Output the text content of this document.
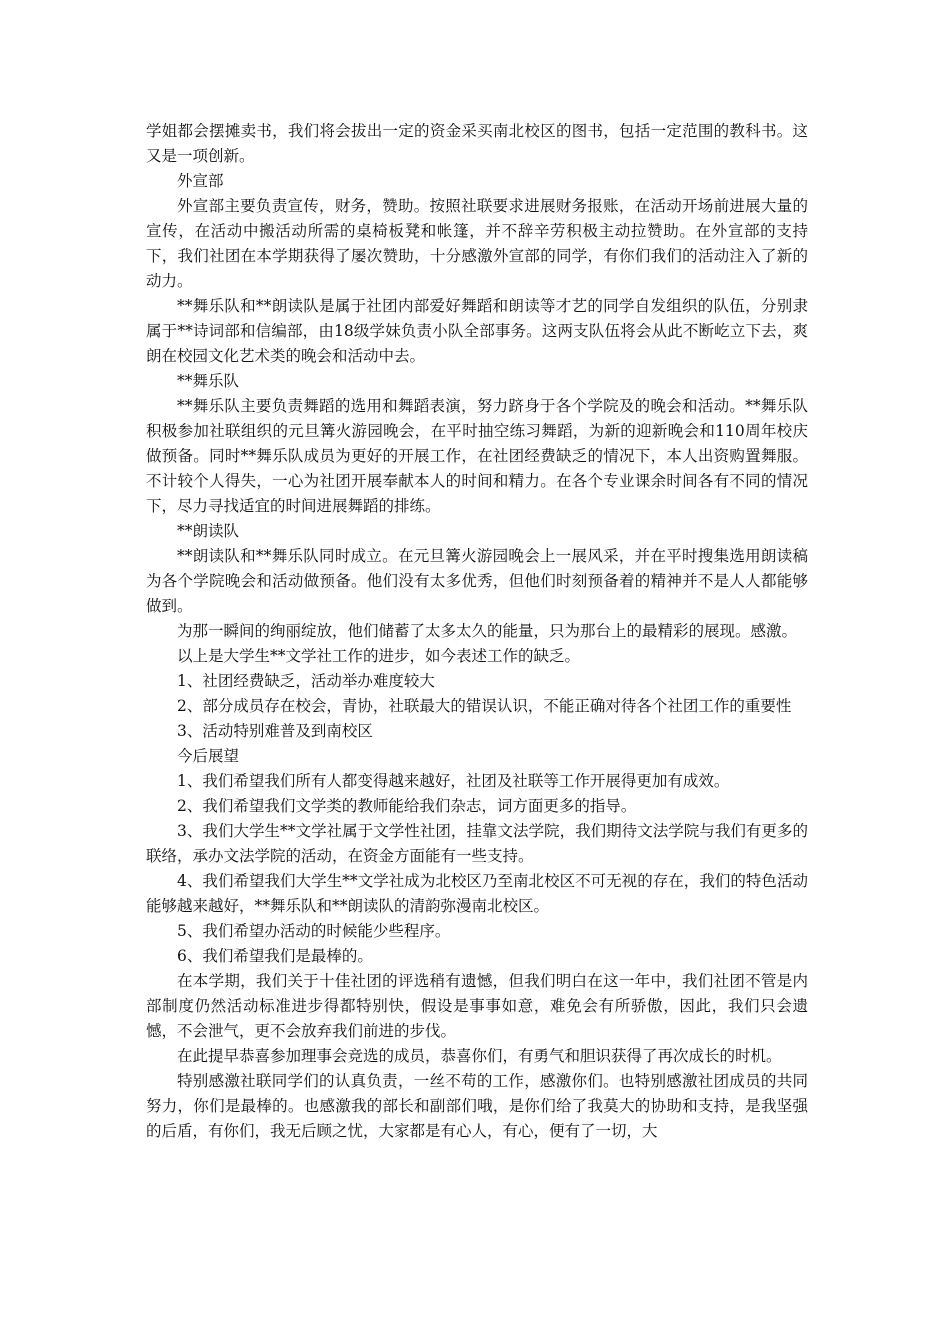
学姐都会摆摊卖书，我们将会拔出一定的资金采买南北校区的图书，包括一定范围的教科书。这又是一项创新。

外宣部

外宣部主要负责宣传，财务，赞助。按照社联要求进展财务报账，在活动开场前进展大量的宣传，在活动中搬活动所需的桌椅板凳和帐篷，并不辞辛劳积极主动拉赞助。在外宣部的支持下，我们社团在本学期获得了屡次赞助，十分感激外宣部的同学，有你们我们的活动注入了新的动力。

**舞乐队和**朗读队是属于社团内部爱好舞蹈和朗读等才艺的同学自发组织的队伍，分别隶属于**诗词部和信编部，由18级学妹负责小队全部事务。这两支队伍将会从此不断屹立下去，爽朗在校园文化艺术类的晚会和活动中去。

**舞乐队

**舞乐队主要负责舞蹈的选用和舞蹈表演，努力跻身于各个学院及的晚会和活动。**舞乐队积极参加社联组织的元旦篝火游园晚会，在平时抽空练习舞蹈，为新的迎新晚会和110周年校庆做预备。同时**舞乐队成员为更好的开展工作，在社团经费缺乏的情况下，本人出资购置舞服。不计较个人得失，一心为社团开展奉献本人的时间和精力。在各个专业课余时间各有不同的情况下，尽力寻找适宜的时间进展舞蹈的排练。

**朗读队

**朗读队和**舞乐队同时成立。在元旦篝火游园晚会上一展风采，并在平时搜集选用朗读稿为各个学院晚会和活动做预备。他们没有太多优秀，但他们时刻预备着的精神并不是人人都能够做到。

为那一瞬间的绚丽绽放，他们储蓄了太多太久的能量，只为那台上的最精彩的展现。感激。

以上是大学生**文学社工作的进步，如今表述工作的缺乏。

1、社团经费缺乏，活动举办难度较大

2、部分成员存在校会，青协，社联最大的错误认识，不能正确对待各个社团工作的重要性

3、活动特别难普及到南校区

今后展望

1、我们希望我们所有人都变得越来越好，社团及社联等工作开展得更加有成效。

2、我们希望我们文学类的教师能给我们杂志，词方面更多的指导。

3、我们大学生**文学社属于文学性社团，挂靠文法学院，我们期待文法学院与我们有更多的联络，承办文法学院的活动，在资金方面能有一些支持。

4、我们希望我们大学生**文学社成为北校区乃至南北校区不可无视的存在，我们的特色活动能够越来越好，**舞乐队和**朗读队的清韵弥漫南北校区。

5、我们希望办活动的时候能少些程序。

6、我们希望我们是最棒的。

在本学期，我们关于十佳社团的评选稍有遗憾，但我们明白在这一年中，我们社团不管是内部制度仍然活动标准进步得都特别快，假设是事事如意，难免会有所骄傲，因此，我们只会遗憾，不会泄气，更不会放弃我们前进的步伐。

在此提早恭喜参加理事会竞选的成员，恭喜你们，有勇气和胆识获得了再次成长的时机。

特别感激社联同学们的认真负责，一丝不苟的工作，感激你们。也特别感激社团成员的共同努力，你们是最棒的。也感激我的部长和副部们哦，是你们给了我莫大的协助和支持，是我坚强的后盾，有你们，我无后顾之忧，大家都是有心人，有心，便有了一切，大
